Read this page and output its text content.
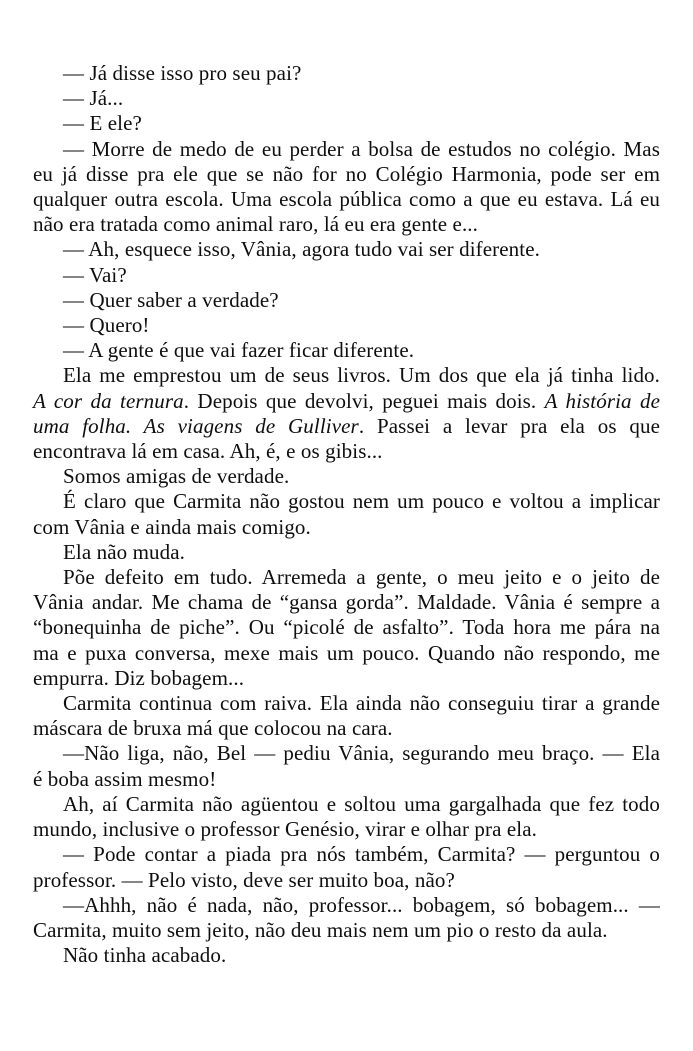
— Já disse isso pro seu pai?
— Já...
— E ele?
— Morre de medo de eu perder a bolsa de estudos no colégio. Mas
eu já disse pra ele que se não for no Colégio Harmonia, pode ser em
qualquer outra escola. Uma escola pública como a que eu estava. Lá eu
não era tratada como animal raro, lá eu era gente e...
— Ah, esquece isso, Vânia, agora tudo vai ser diferente.
— Vai?
— Quer saber a verdade?
— Quero!
— A gente é que vai fazer ficar diferente.
Ela me emprestou um de seus livros. Um dos que ela já tinha lido.
A cor da ternura. Depois que devolvi, peguei mais dois. A história de
uma folha. As viagens de Gulliver. Passei a levar pra ela os que
encontrava lá em casa. Ah, é, e os gibis...
Somos amigas de verdade.
É claro que Carmita não gostou nem um pouco e voltou a implicar
com Vânia e ainda mais comigo.
Ela não muda.
Põe defeito em tudo. Arremeda a gente, o meu jeito e o jeito de
Vânia andar. Me chama de “gansa gorda”. Maldade. Vânia é sempre a
“bonequinha de piche”. Ou “picolé de asfalto”. Toda hora me pára na
ma e puxa conversa, mexe mais um pouco. Quando não respondo, me
empurra. Diz bobagem...
Carmita continua com raiva. Ela ainda não conseguiu tirar a grande
máscara de bruxa má que colocou na cara.
—Não liga, não, Bel — pediu Vânia, segurando meu braço. — Ela
é boba assim mesmo!
Ah, aí Carmita não agüentou e soltou uma gargalhada que fez todo
mundo, inclusive o professor Genésio, virar e olhar pra ela.
— Pode contar a piada pra nós também, Carmita? — perguntou o
professor. — Pelo visto, deve ser muito boa, não?
—Ahhh, não é nada, não, professor... bobagem, só bobagem... —
Carmita, muito sem jeito, não deu mais nem um pio o resto da aula.
Não tinha acabado.
